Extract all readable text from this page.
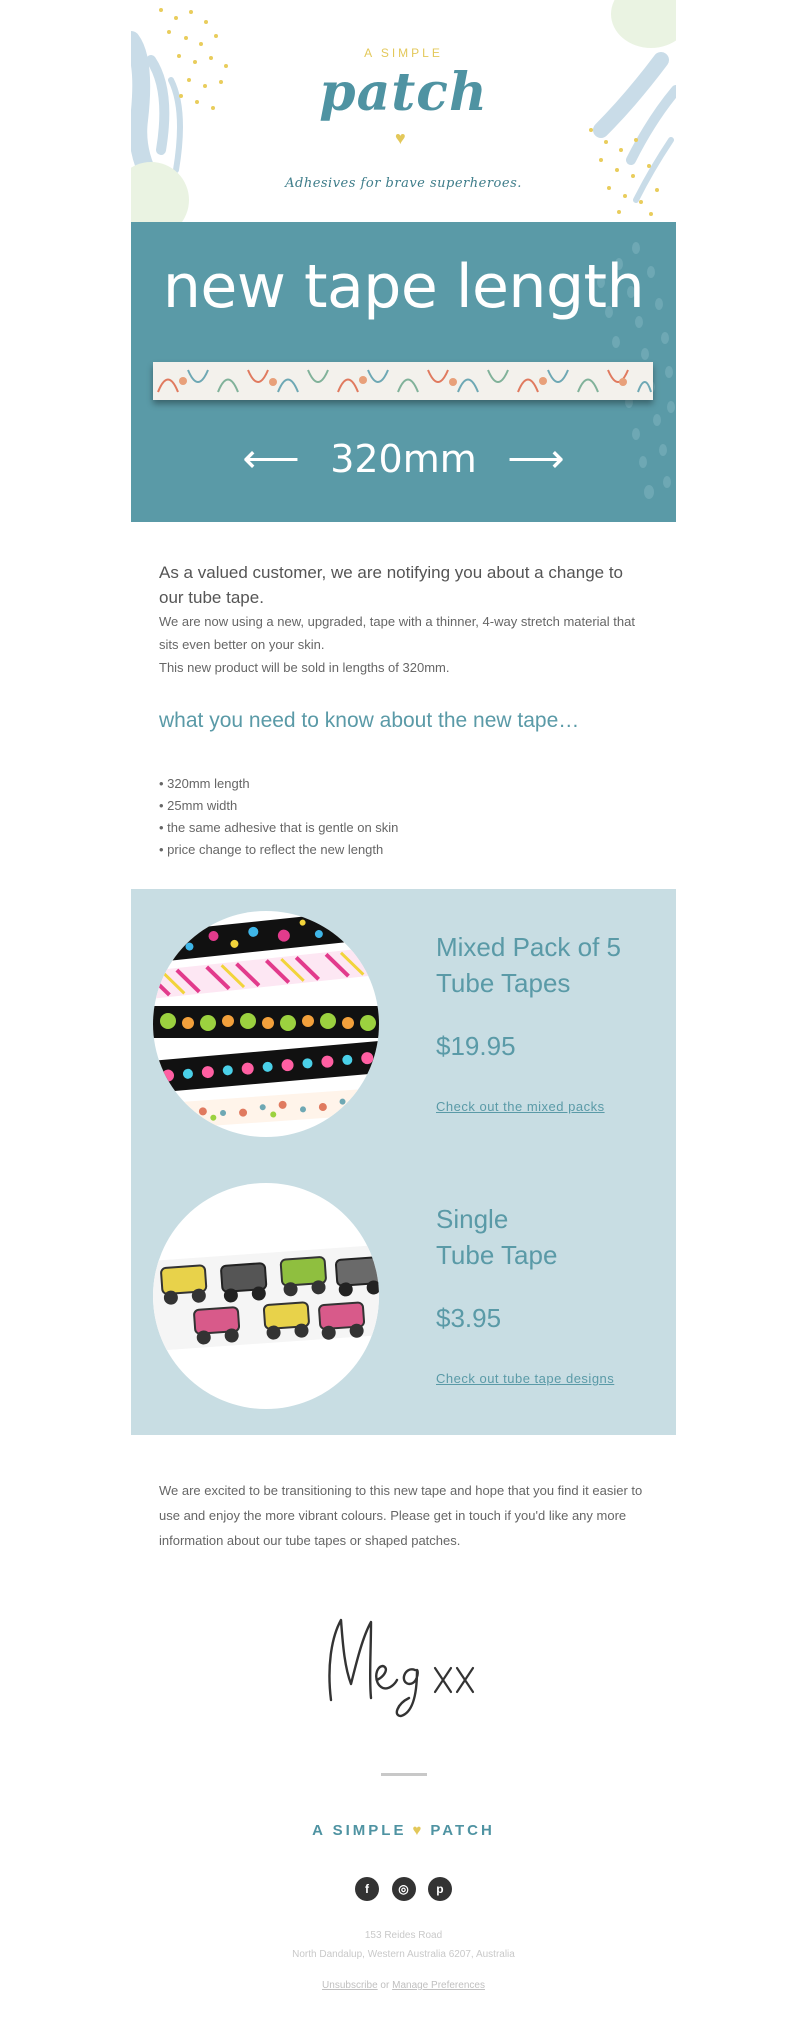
A SIMPLE
patch
♥
Adhesives for brave superheroes.
new tape length
⟵ 320mm ⟶

As a valued customer, we are notifying you about a change to our tube tape.

We are now using a new, upgraded, tape with a thinner, 4-way stretch material that sits even better on your skin.

This new product will be sold in lengths of 320mm.

what you need to know about the new tape…
• 320mm length
• 25mm width
• the same adhesive that is gentle on skin
• price change to reflect the new length
Mixed Pack of 5
Tube Tapes
$19.95
Check out the mixed packs
Single
Tube Tape
$3.95
Check out tube tape designs
We are excited to be transitioning to this new tape and hope that you find it easier to use and enjoy the more vibrant colours. Please get in touch if you'd like any more information about our tube tapes or shaped patches.
A SIMPLE ♥ PATCH
f ◎ p
153 Reides Road
North Dandalup, Western Australia 6207, Australia
Unsubscribe or Manage Preferences
